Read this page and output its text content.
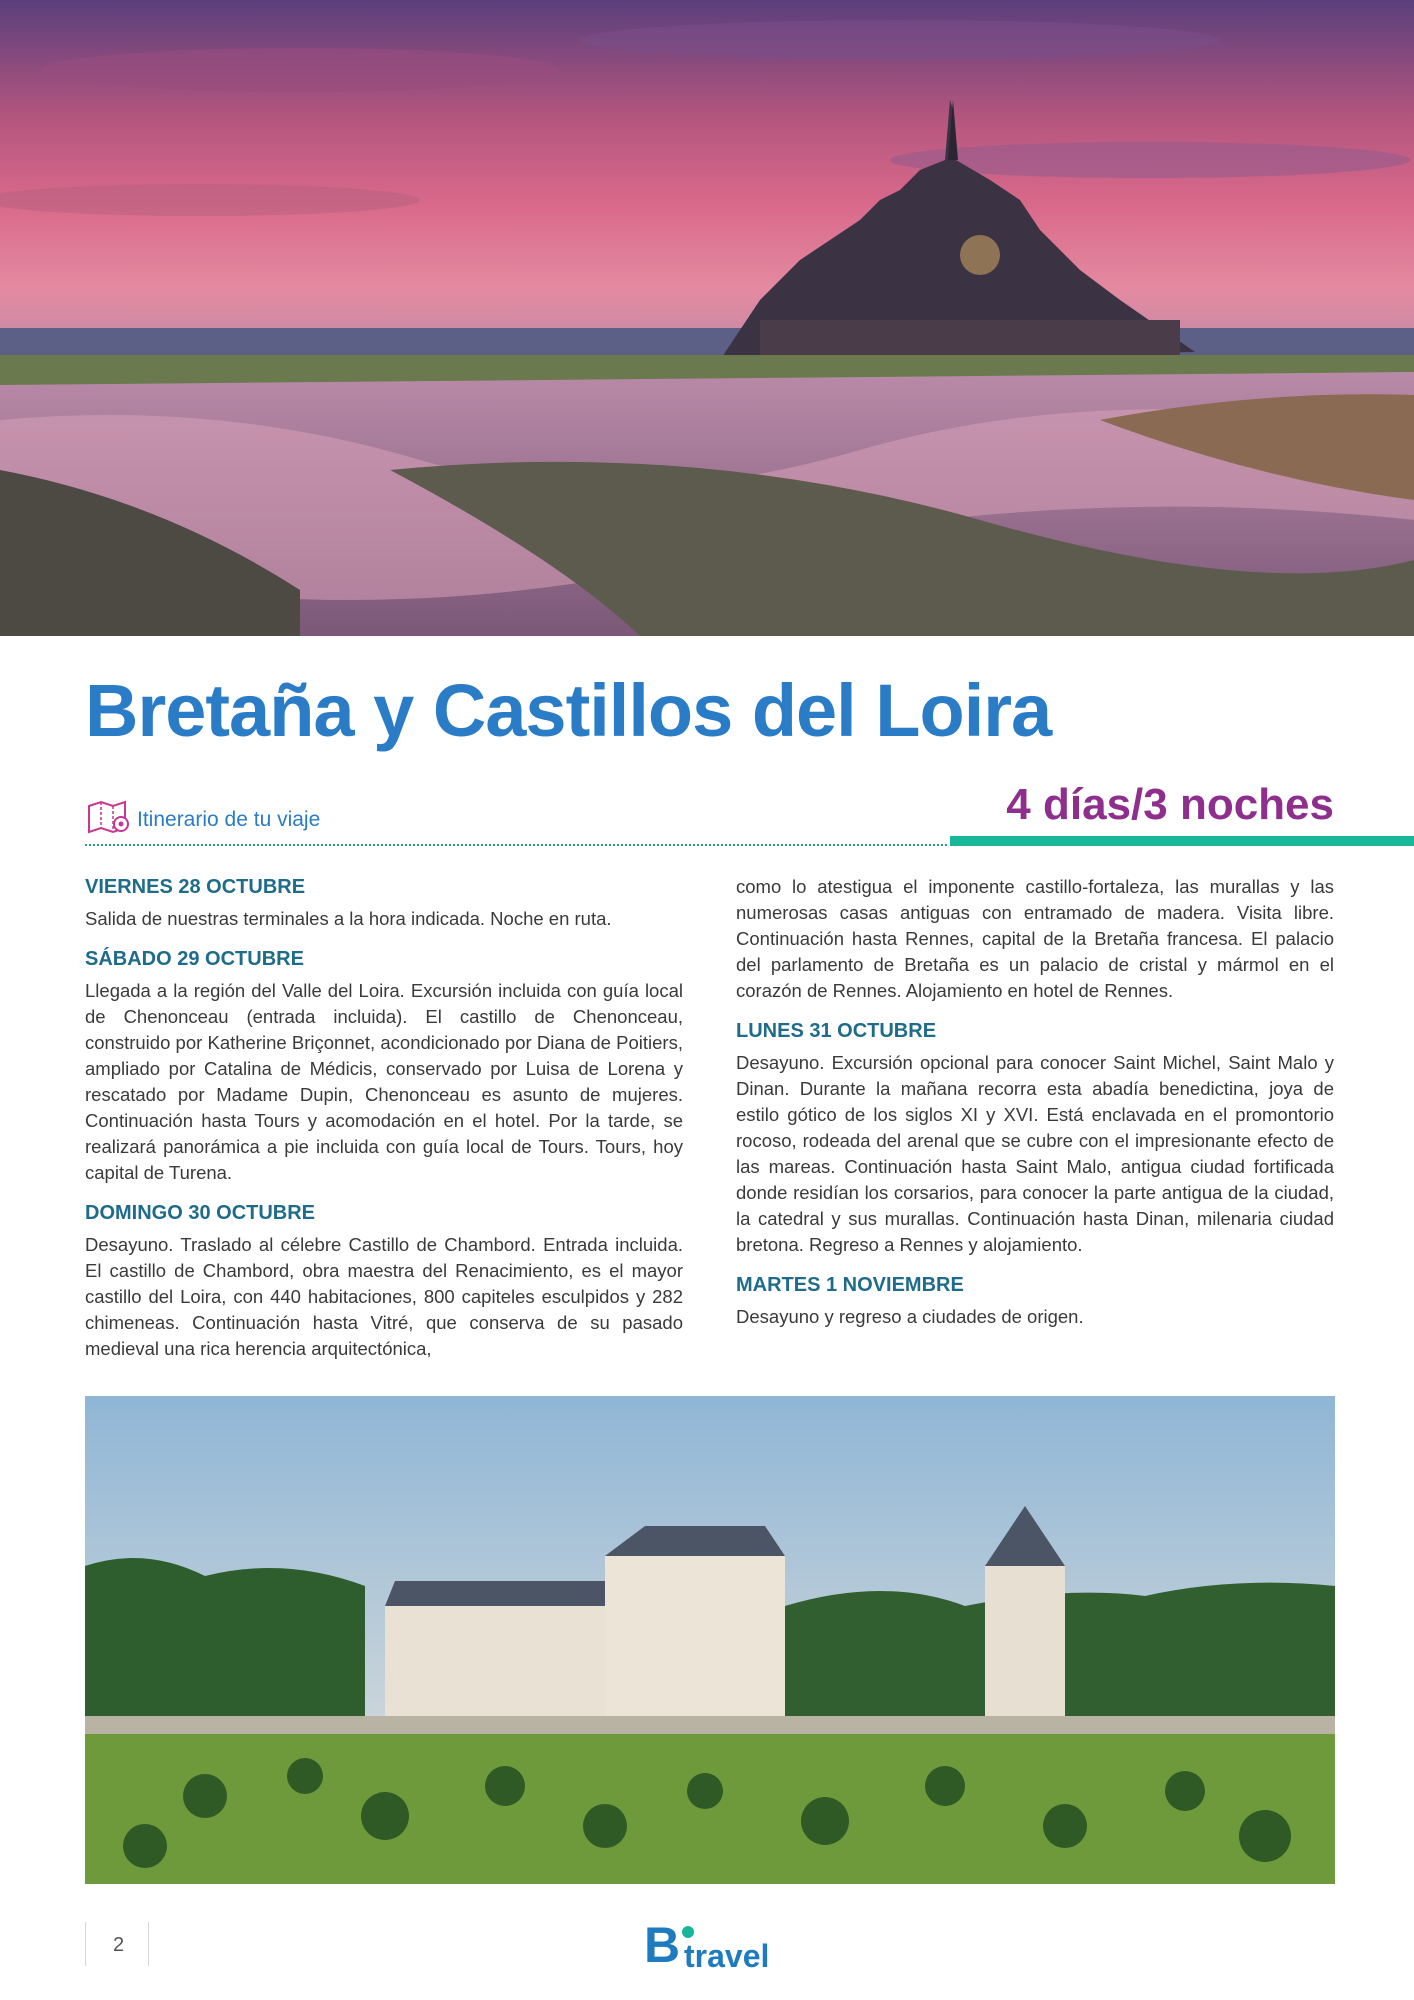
Bretaña y Castillos del Loira
Itinerario de tu viaje	4 días/3 noches
VIERNES 28 OCTUBRE

Salida de nuestras terminales a la hora indicada. Noche en ruta.

SÁBADO 29 OCTUBRE

Llegada a la región del Valle del Loira. Excursión incluida con guía local de Chenonceau (entrada incluida). El castillo de Chenonceau, construido por Katherine Briçonnet, acondicionado por Diana de Poitiers, ampliado por Catalina de Médicis, conservado por Luisa de Lorena y rescatado por Madame Dupin, Chenonceau es asunto de mujeres. Continuación hasta Tours y acomodación en el hotel. Por la tarde, se realizará panorámica a pie incluida con guía local de Tours. Tours, hoy capital de Turena.

DOMINGO 30 OCTUBRE

Desayuno. Traslado al célebre Castillo de Chambord. Entrada incluida. El castillo de Chambord, obra maestra del Renacimiento, es el mayor castillo del Loira, con 440 habitaciones, 800 capiteles esculpidos y 282 chimeneas. Continuación hasta Vitré, que conserva de su pasado medieval una rica herencia arquitectónica,

como lo atestigua el imponente castillo-fortaleza, las murallas y las numerosas casas antiguas con entramado de madera. Visita libre. Continuación hasta Rennes, capital de la Bretaña francesa. El palacio del parlamento de Bretaña es un palacio de cristal y mármol en el corazón de Rennes. Alojamiento en hotel de Rennes.

LUNES 31 OCTUBRE

Desayuno. Excursión opcional para conocer Saint Michel, Saint Malo y Dinan. Durante la mañana recorra esta abadía benedictina, joya de estilo gótico de los siglos XI y XVI. Está enclavada en el promontorio rocoso, rodeada del arenal que se cubre con el impresionante efecto de las mareas. Continuación hasta Saint Malo, antigua ciudad fortificada donde residían los corsarios, para conocer la parte antigua de la ciudad, la catedral y sus murallas. Continuación hasta Dinan, milenaria ciudad bretona. Regreso a Rennes y alojamiento.

MARTES 1 NOVIEMBRE

Desayuno y regreso a ciudades de origen.

2	B travel
